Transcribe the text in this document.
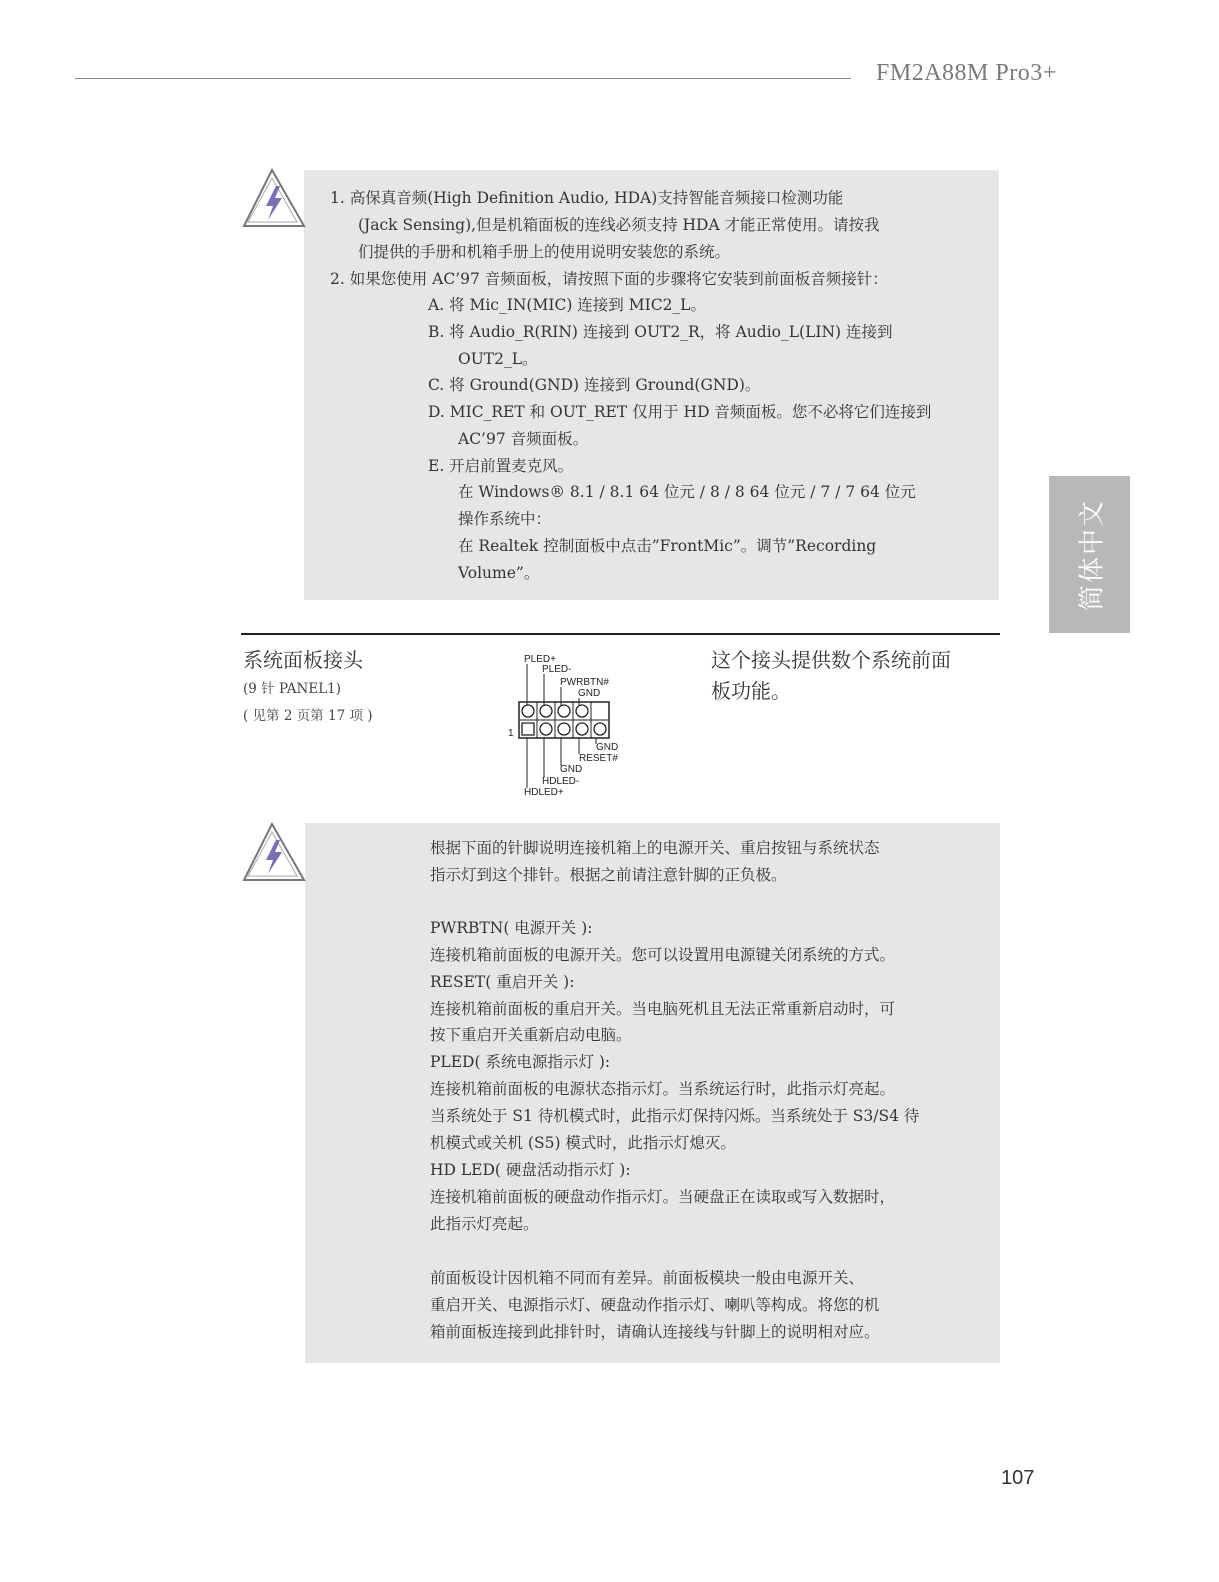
FM2A88M Pro3+
简体中文
1. 高保真音频(High Definition Audio, HDA)支持智能音频接口检测功能
(Jack Sensing),但是机箱面板的连线必须支持 HDA 才能正常使用。请按我
们提供的手册和机箱手册上的使用说明安装您的系统。
2. 如果您使用 AC’97 音频面板，请按照下面的步骤将它安装到前面板音频接针：
A. 将 Mic_IN(MIC) 连接到 MIC2_L。
B. 将 Audio_R(RIN) 连接到 OUT2_R，将 Audio_L(LIN) 连接到
OUT2_L。
C. 将 Ground(GND) 连接到 Ground(GND)。
D. MIC_RET 和 OUT_RET 仅用于 HD 音频面板。您不必将它们连接到
AC’97 音频面板。
E. 开启前置麦克风。
在 Windows® 8.1 / 8.1 64 位元 / 8 / 8 64 位元 / 7 / 7 64 位元
操作系统中：
在 Realtek 控制面板中点击”FrontMic”。调节”Recording
Volume”。
系统面板接头
(9 针 PANEL1)
( 见第 2 页第 17 项 )
这个接头提供数个系统前面
板功能。
PLED+
PLED-
PWRBTN#
GND
1
GND
RESET#
GND
HDLED-
HDLED+
根据下面的针脚说明连接机箱上的电源开关、重启按钮与系统状态
指示灯到这个排针。根据之前请注意针脚的正负极。
PWRBTN( 电源开关 ):
连接机箱前面板的电源开关。您可以设置用电源键关闭系统的方式。
RESET( 重启开关 ):
连接机箱前面板的重启开关。当电脑死机且无法正常重新启动时，可
按下重启开关重新启动电脑。
PLED( 系统电源指示灯 ):
连接机箱前面板的电源状态指示灯。当系统运行时，此指示灯亮起。
当系统处于 S1 待机模式时，此指示灯保持闪烁。当系统处于 S3/S4 待
机模式或关机 (S5) 模式时，此指示灯熄灭。
HD LED( 硬盘活动指示灯 ):
连接机箱前面板的硬盘动作指示灯。当硬盘正在读取或写入数据时，
此指示灯亮起。
前面板设计因机箱不同而有差异。前面板模块一般由电源开关、
重启开关、电源指示灯、硬盘动作指示灯、喇叭等构成。将您的机
箱前面板连接到此排针时，请确认连接线与针脚上的说明相对应。
107
